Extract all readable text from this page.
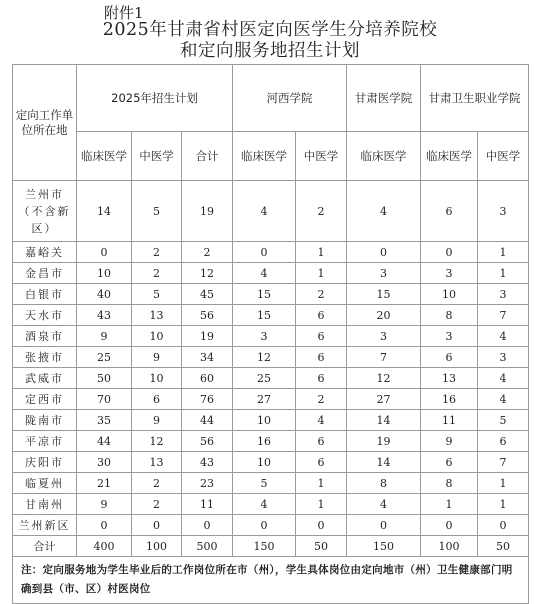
附件1
2025年甘肃省村医定向医学生分培养院校
和定向服务地招生计划
定向工作单位所在地	2025年招生计划			河西学院		甘肃医学院	甘肃卫生职业学院	
	临床医学	中医学	合计	临床医学	中医学	临床医学	临床医学	中医学
兰州市（不含新区）	14	5	19	4	2	4	6	3
嘉峪关	0	2	2	0	1	0	0	1
金昌市	10	2	12	4	1	3	3	1
白银市	40	5	45	15	2	15	10	3
天水市	43	13	56	15	6	20	8	7
酒泉市	9	10	19	3	6	3	3	4
张掖市	25	9	34	12	6	7	6	3
武威市	50	10	60	25	6	12	13	4
定西市	70	6	76	27	2	27	16	4
陇南市	35	9	44	10	4	14	11	5
平凉市	44	12	56	16	6	19	9	6
庆阳市	30	13	43	10	6	14	6	7
临夏州	21	2	23	5	1	8	8	1
甘南州	9	2	11	4	1	4	1	1
兰州新区	0	0	0	0	0	0	0	0
合计	400	100	500	150	50	150	100	50
注：定向服务地为学生毕业后的工作岗位所在市（州），学生具体岗位由定向地市（州）卫生健康部门明确到县（市、区）村医岗位								
